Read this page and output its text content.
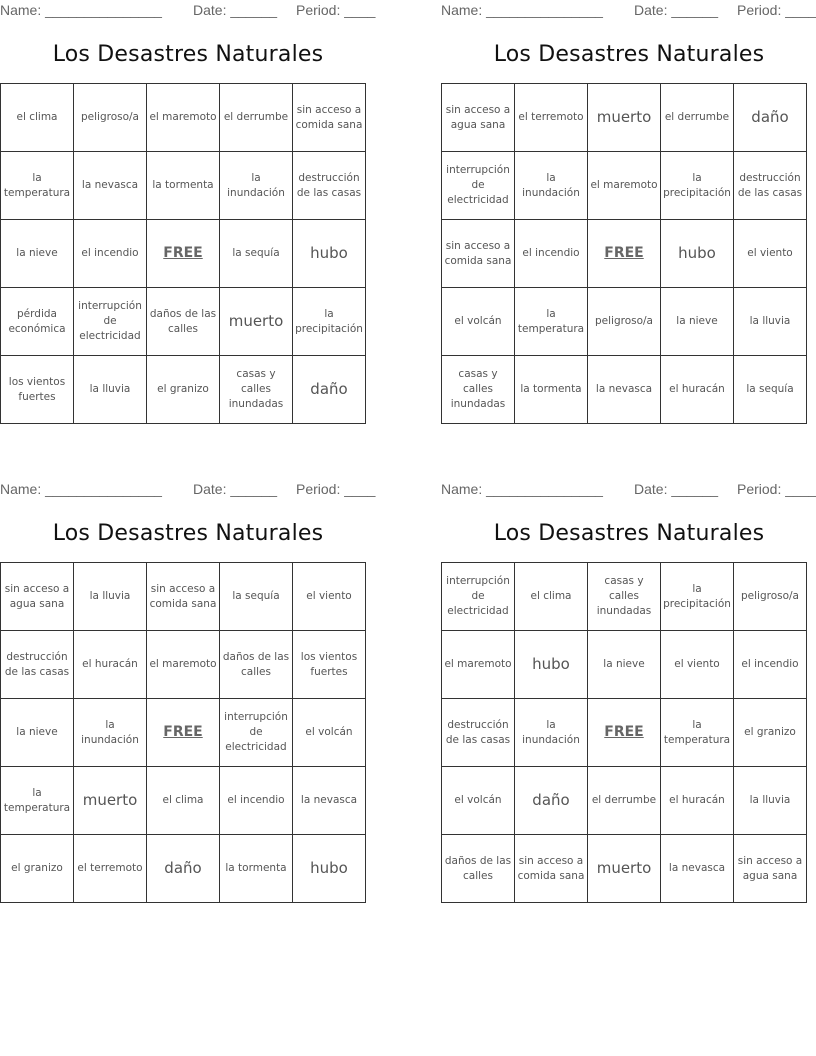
Name: _______________ Date: ______ Period: ____
Los Desastres Naturales
el clima	peligroso/a	el maremoto	el derrumbe	sin acceso a comida sana
la temperatura	la nevasca	la tormenta	la inundación	destrucción de las casas
la nieve	el incendio	FREE	la sequía	hubo
pérdida económica	interrupción de electricidad	daños de las calles	muerto	la precipitación
los vientos fuertes	la lluvia	el granizo	casas y calles inundadas	daño
Name: _______________ Date: ______ Period: ____
Los Desastres Naturales
sin acceso a agua sana	el terremoto	muerto	el derrumbe	daño
interrupción de electricidad	la inundación	el maremoto	la precipitación	destrucción de las casas
sin acceso a comida sana	el incendio	FREE	hubo	el viento
el volcán	la temperatura	peligroso/a	la nieve	la lluvia
casas y calles inundadas	la tormenta	la nevasca	el huracán	la sequía
Name: _______________ Date: ______ Period: ____
Los Desastres Naturales
sin acceso a agua sana	la lluvia	sin acceso a comida sana	la sequía	el viento
destrucción de las casas	el huracán	el maremoto	daños de las calles	los vientos fuertes
la nieve	la inundación	FREE	interrupción de electricidad	el volcán
la temperatura	muerto	el clima	el incendio	la nevasca
el granizo	el terremoto	daño	la tormenta	hubo
Name: _______________ Date: ______ Period: ____
Los Desastres Naturales
interrupción de electricidad	el clima	casas y calles inundadas	la precipitación	peligroso/a
el maremoto	hubo	la nieve	el viento	el incendio
destrucción de las casas	la inundación	FREE	la temperatura	el granizo
el volcán	daño	el derrumbe	el huracán	la lluvia
daños de las calles	sin acceso a comida sana	muerto	la nevasca	sin acceso a agua sana
